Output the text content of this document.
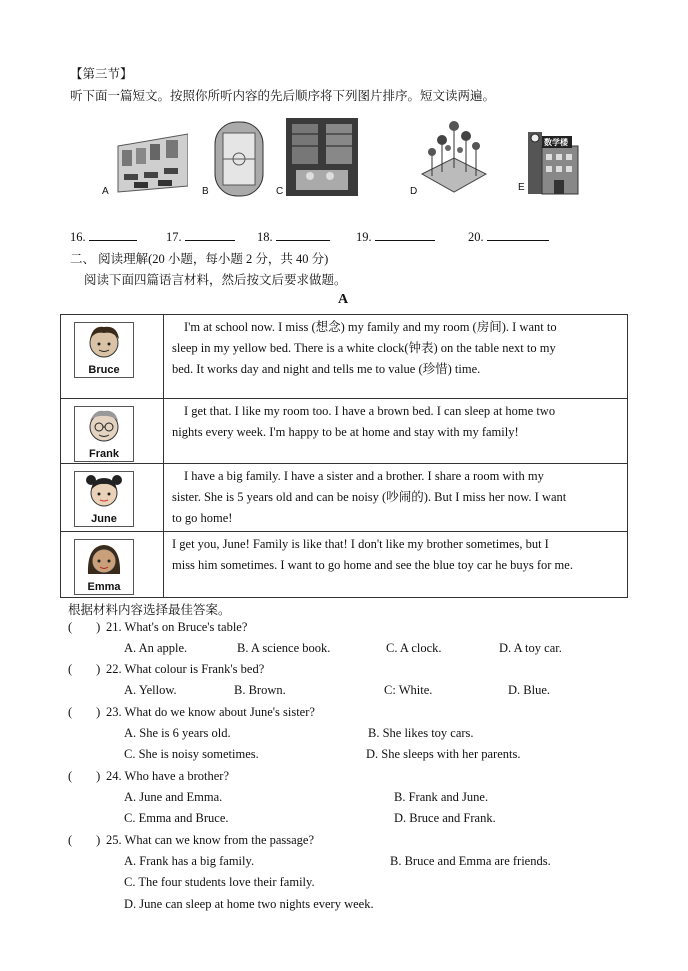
【第三节】
听下面一篇短文。按照你所听内容的先后顺序将下列图片排序。短文读两遍。
A	B	C	D
数学楼
E
16.	17.	18.	19.	20.
二、 阅读理解(20 小题，每小题 2 分，共 40 分)
阅读下面四篇语言材料，然后按文后要求做题。
A
Bruce	I'm at school now. I miss (想念) my family and my room (房间). I want to
sleep in my yellow bed. There is a white clock(钟表) on the table next to my
bed. It works day and night and tells me to value (珍惜) time.

Frank	I get that. I like my room too. I have a brown bed. I can sleep at home two
nights every week. I'm happy to be at home and stay with my family!

June	I have a big family. I have a sister and a brother. I share a room with my
sister. She is 5 years old and can be noisy (吵闹的). But I miss her now. I want
to go home!

Emma	I get you, June! Family is like that! I don't like my brother sometimes, but I
miss him sometimes. I want to go home and see the blue toy car he buys for me.
根据材料内容选择最佳答案。
( ) 21. What's on Bruce's table?
A. An apple.	B. A science book.	C. A clock.	D. A toy car.
( ) 22. What colour is Frank's bed?
A. Yellow.	B. Brown.	C: White.	D. Blue.
( ) 23. What do we know about June's sister?
A. She is 6 years old.	B. She likes toy cars.
C. She is noisy sometimes.	D. She sleeps with her parents.
( ) 24. Who have a brother?
A. June and Emma.	B. Frank and June.
C. Emma and Bruce.	D. Bruce and Frank.
( ) 25. What can we know from the passage?
A. Frank has a big family.	B. Bruce and Emma are friends.
C. The four students love their family.
D. June can sleep at home two nights every week.
